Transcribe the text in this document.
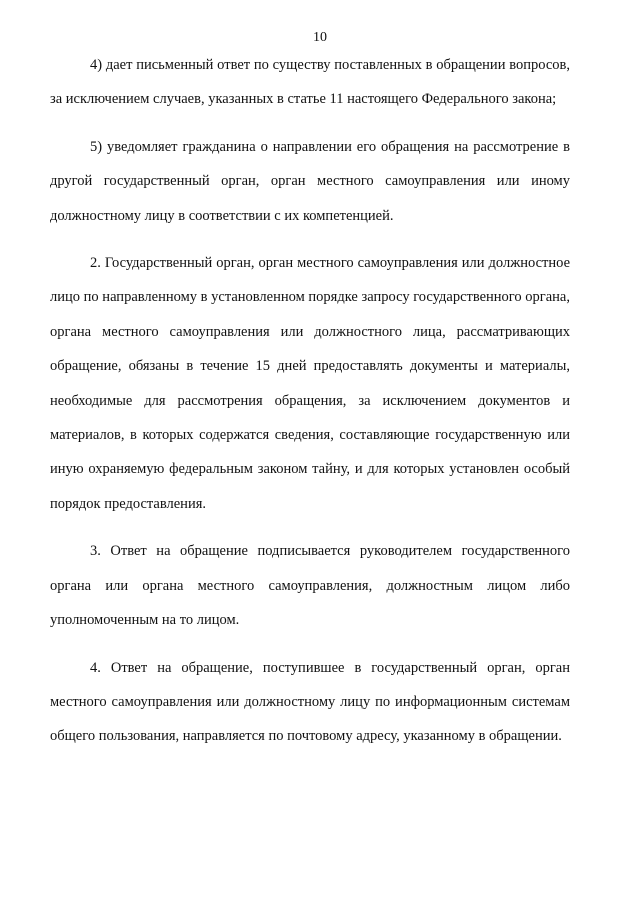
10

4) дает письменный ответ по существу поставленных в обращении вопросов, за исключением случаев, указанных в статье 11 настоящего Федерального закона;

5) уведомляет гражданина о направлении его обращения на рассмотрение в другой государственный орган, орган местного самоуправления или иному должностному лицу в соответствии с их компетенцией.

2. Государственный орган, орган местного самоуправления или должностное лицо по направленному в установленном порядке запросу государственного органа, органа местного самоуправления или должностного лица, рассматривающих обращение, обязаны в течение 15 дней предоставлять документы и материалы, необходимые для рассмотрения обращения, за исключением документов и материалов, в которых содержатся сведения, составляющие государственную или иную охраняемую федеральным законом тайну, и для которых установлен особый порядок предоставления.

3. Ответ на обращение подписывается руководителем государственного органа или органа местного самоуправления, должностным лицом либо уполномоченным на то лицом.

4. Ответ на обращение, поступившее в государственный орган, орган местного самоуправления или должностному лицу по информационным системам общего пользования, направляется по почтовому адресу, указанному в обращении.
